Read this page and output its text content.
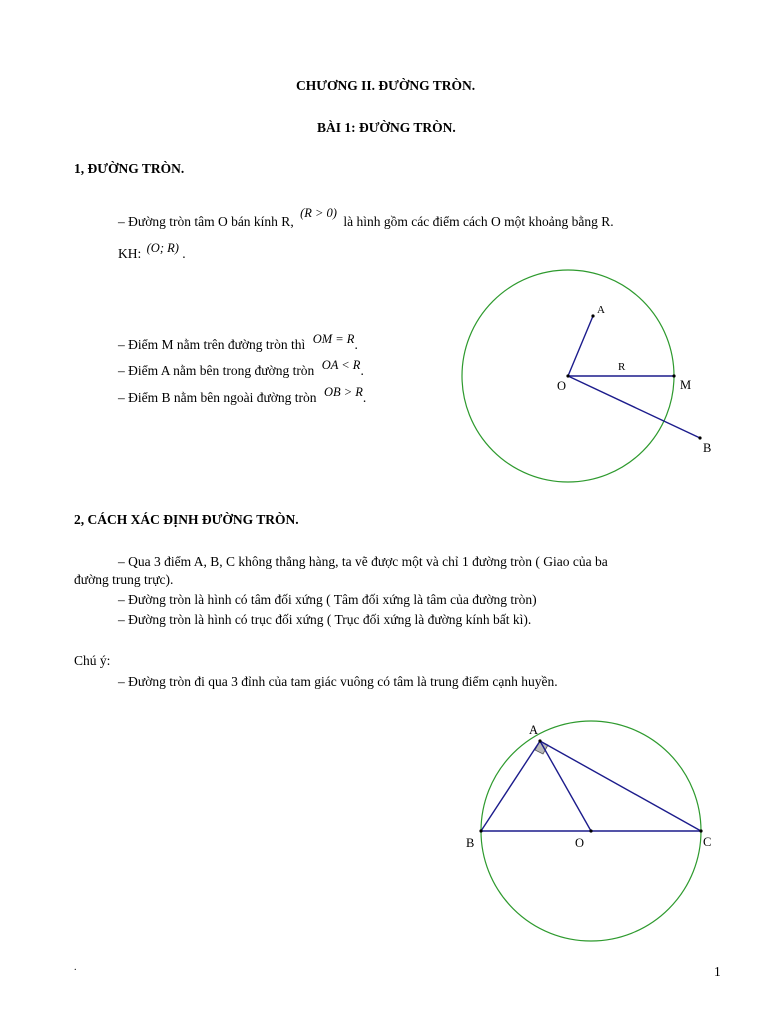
CHƯƠNG II. ĐƯỜNG TRÒN.
BÀI 1: ĐƯỜNG TRÒN.
1, ĐƯỜNG TRÒN.
– Đường tròn tâm O bán kính R, (R > 0) là hình gồm các điểm cách O một khoảng bằng R.
KH: (O; R) .
– Điểm M nằm trên đường tròn thì OM = R.
– Điểm A nằm bên trong đường tròn OA < R.
– Điểm B nằm bên ngoài đường tròn OB > R.
A
O
R
M
B
2, CÁCH XÁC ĐỊNH ĐƯỜNG TRÒN.
– Qua 3 điểm A, B, C không thẳng hàng, ta vẽ được một và chỉ 1 đường tròn ( Giao của ba
đường trung trực).
– Đường tròn là hình có tâm đối xứng ( Tâm đối xứng là tâm của đường tròn)
– Đường tròn là hình có trục đối xứng ( Trục đối xứng là đường kính bất kì).
Chú ý:
– Đường tròn đi qua 3 đỉnh của tam giác vuông có tâm là trung điểm cạnh huyền.
A
B	O	C
.	1
